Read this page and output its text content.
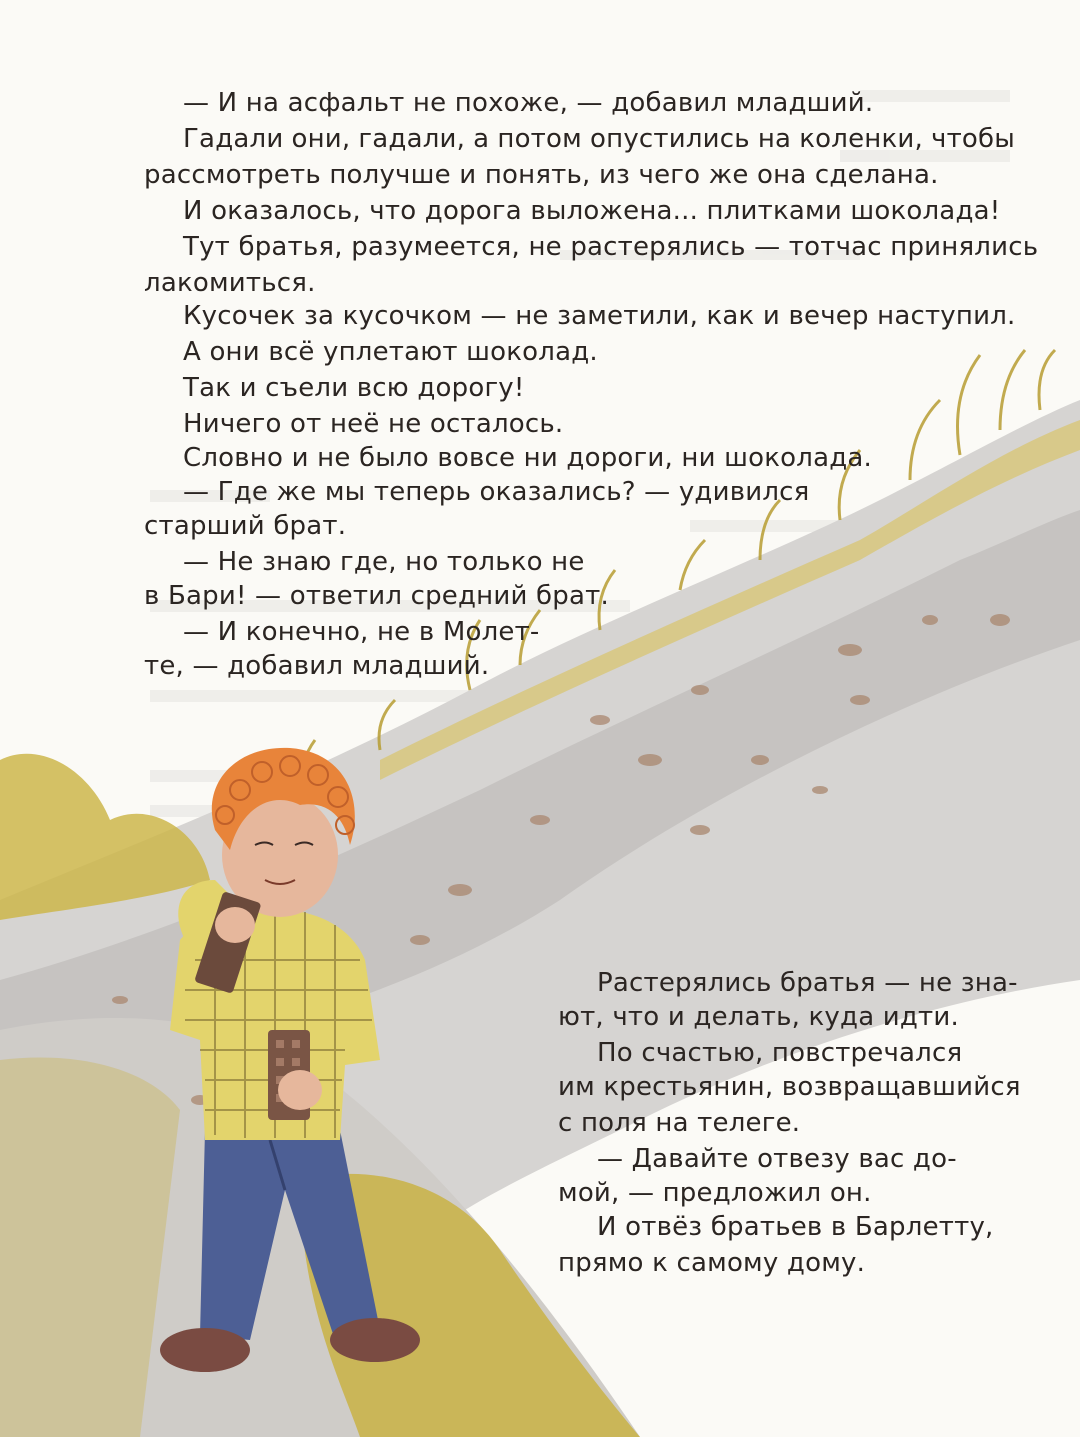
— И на асфальт не похоже, — добавил младший.
Гадали они, гадали, а потом опустились на коленки, чтобы
рассмотреть получше и понять, из чего же она сделана.
И оказалось, что дорога выложена... плитками шоколада!
Тут братья, разумеется, не растерялись — тотчас принялись
лакомиться.
Кусочек за кусочком — не заметили, как и вечер наступил.
А они всё уплетают шоколад.
Так и съели всю дорогу!
Ничего от неё не осталось.
Словно и не было вовсе ни дороги, ни шоколада.
— Где же мы теперь оказались? — удивился
старший брат.
— Не знаю где, но только не
в Бари! — ответил средний брат.
— И конечно, не в Молет-
те, — добавил младший.
Растерялись братья — не зна-
ют, что и делать, куда идти.
По счастью, повстречался
им крестьянин, возвращавшийся
с поля на телеге.
— Давайте отвезу вас до-
мой, — предложил он.
И отвёз братьев в Барлетту,
прямо к самому дому.
